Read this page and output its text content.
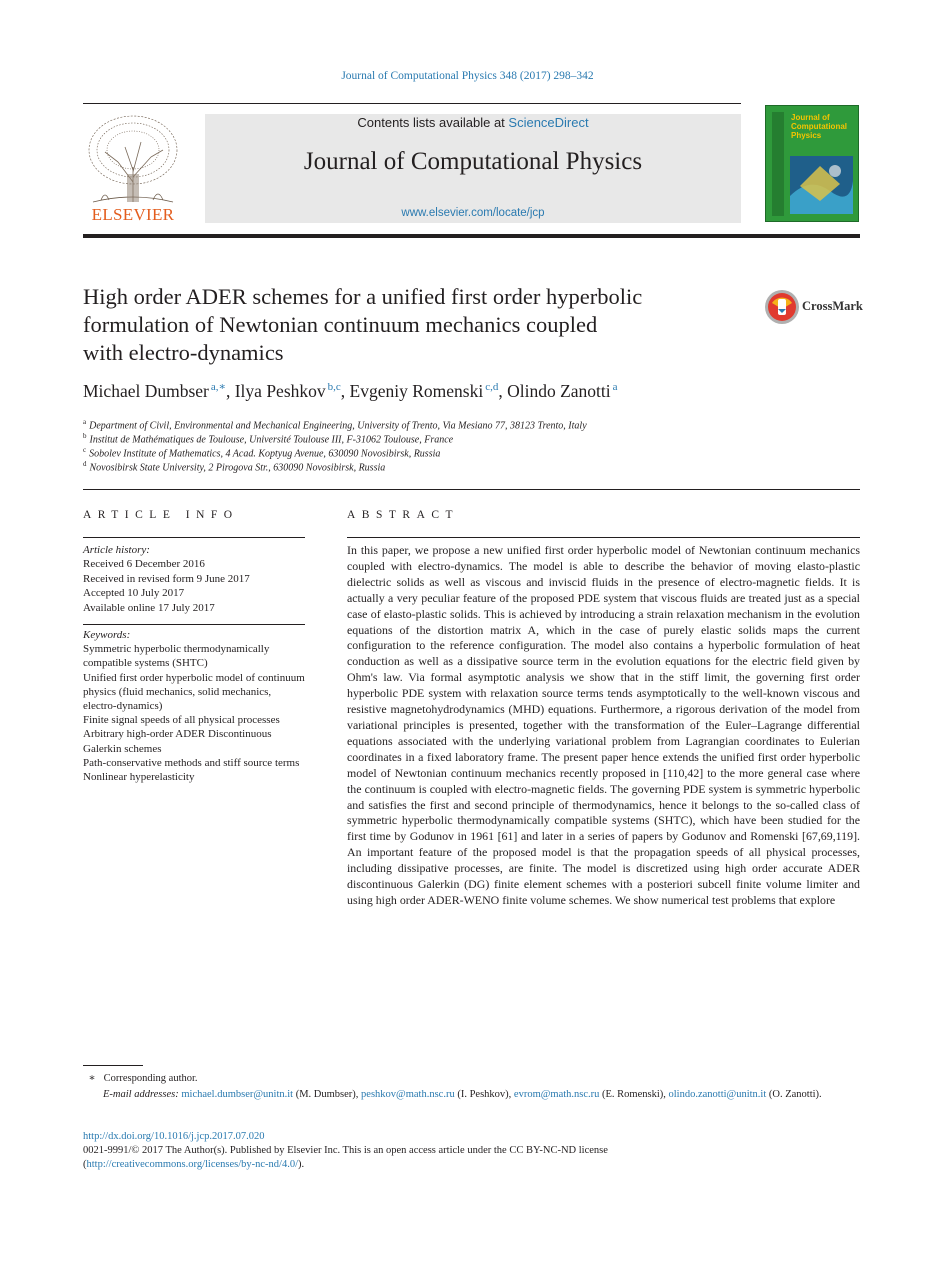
Journal of Computational Physics 348 (2017) 298–342
ELSEVIER
Contents lists available at ScienceDirect
Journal of Computational Physics
www.elsevier.com/locate/jcp
Journal of Computational Physics
High order ADER schemes for a unified first order hyperbolic
formulation of Newtonian continuum mechanics coupled
with electro-dynamics
CrossMark
Michael Dumbser $^{a,∗}$, Ilya Peshkov $^{b,c}$, Evgeniy Romenski $^{c,d}$, Olindo Zanotti $^a$
$^a$ Department of Civil, Environmental and Mechanical Engineering, University of Trento, Via Mesiano 77, 38123 Trento, Italy
$^b$ Institut de Mathématiques de Toulouse, Université Toulouse III, F-31062 Toulouse, France
$^c$ Sobolev Institute of Mathematics, 4 Acad. Koptyug Avenue, 630090 Novosibirsk, Russia
$^d$ Novosibirsk State University, 2 Pirogova Str., 630090 Novosibirsk, Russia
ARTICLE INFO
Article history:
Received 6 December 2016
Received in revised form 9 June 2017
Accepted 10 July 2017
Available online 17 July 2017
Keywords:
Symmetric hyperbolic thermodynamically compatible systems (SHTC)
Unified first order hyperbolic model of continuum physics (fluid mechanics, solid mechanics, electro-dynamics)
Finite signal speeds of all physical processes
Arbitrary high-order ADER Discontinuous Galerkin schemes
Path-conservative methods and stiff source terms
Nonlinear hyperelasticity
ABSTRACT
In this paper, we propose a new unified first order hyperbolic model of Newtonian continuum mechanics coupled with electro-dynamics. The model is able to describe the behavior of moving elasto-plastic dielectric solids as well as viscous and inviscid fluids in the presence of electro-magnetic fields. It is actually a very peculiar feature of the proposed PDE system that viscous fluids are treated just as a special case of elasto-plastic solids. This is achieved by introducing a strain relaxation mechanism in the evolution equations of the distortion matrix A, which in the case of purely elastic solids maps the current configuration to the reference configuration. The model also contains a hyperbolic formulation of heat conduction as well as a dissipative source term in the evolution equations for the electric field given by Ohm's law. Via formal asymptotic analysis we show that in the stiff limit, the governing first order hyperbolic PDE system with relaxation source terms tends asymptotically to the well-known viscous and resistive magnetohydrodynamics (MHD) equations. Furthermore, a rigorous derivation of the model from variational principles is presented, together with the transformation of the Euler–Lagrange differential equations associated with the underlying variational problem from Lagrangian coordinates to Eulerian coordinates in a fixed laboratory frame. The present paper hence extends the unified first order hyperbolic model of Newtonian continuum mechanics recently proposed in [110,42] to the more general case where the continuum is coupled with electro-magnetic fields. The governing PDE system is symmetric hyperbolic and satisfies the first and second principle of thermodynamics, hence it belongs to the so-called class of symmetric hyperbolic thermodynamically compatible systems (SHTC), which have been studied for the first time by Godunov in 1961 [61] and later in a series of papers by Godunov and Romenski [67,69,119]. An important feature of the proposed model is that the propagation speeds of all physical processes, including dissipative processes, are finite. The model is discretized using high order accurate ADER discontinuous Galerkin (DG) finite element schemes with a posteriori subcell finite volume limiter and using high order ADER-WENO finite volume schemes. We show numerical test problems that explore
∗ Corresponding author.
E-mail addresses: michael.dumbser@unitn.it (M. Dumbser), peshkov@math.nsc.ru (I. Peshkov), evrom@math.nsc.ru (E. Romenski), olindo.zanotti@unitn.it (O. Zanotti).
http://dx.doi.org/10.1016/j.jcp.2017.07.020
0021-9991/© 2017 The Author(s). Published by Elsevier Inc. This is an open access article under the CC BY-NC-ND license
(http://creativecommons.org/licenses/by-nc-nd/4.0/).
